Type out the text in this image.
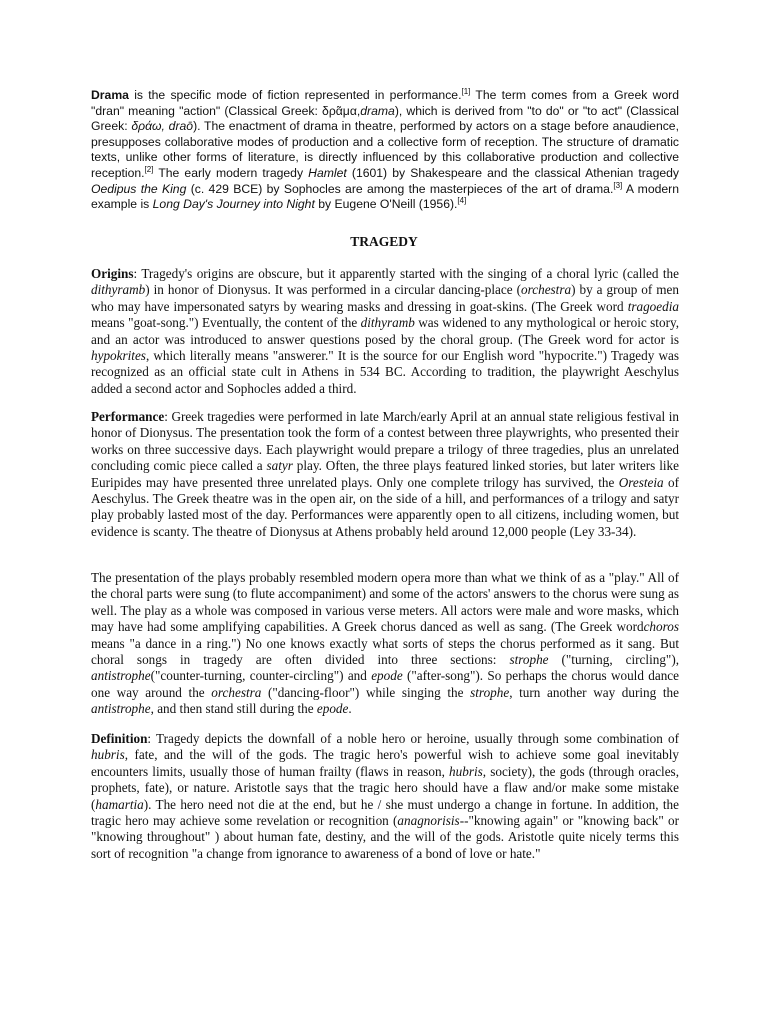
Drama is the specific mode of fiction represented in performance.[1] The term comes from a Greek word "dran" meaning "action" (Classical Greek: δρᾶμα,drama), which is derived from "to do" or "to act" (Classical Greek: δράω, draō). The enactment of drama in theatre, performed by actors on a stage before anaudience, presupposes collaborative modes of production and a collective form of reception. The structure of dramatic texts, unlike other forms of literature, is directly influenced by this collaborative production and collective reception.[2] The early modern tragedy Hamlet (1601) by Shakespeare and the classical Athenian tragedy Oedipus the King (c. 429 BCE) by Sophocles are among the masterpieces of the art of drama.[3] A modern example is Long Day's Journey into Night by Eugene O'Neill (1956).[4]

TRAGEDY

Origins: Tragedy's origins are obscure, but it apparently started with the singing of a choral lyric (called the dithyramb) in honor of Dionysus. It was performed in a circular dancing-place (orchestra) by a group of men who may have impersonated satyrs by wearing masks and dressing in goat-skins. (The Greek word tragoedia means "goat-song.") Eventually, the content of the dithyramb was widened to any mythological or heroic story, and an actor was introduced to answer questions posed by the choral group. (The Greek word for actor is hypokrites, which literally means "answerer." It is the source for our English word "hypocrite.") Tragedy was recognized as an official state cult in Athens in 534 BC. According to tradition, the playwright Aeschylus added a second actor and Sophocles added a third.

Performance: Greek tragedies were performed in late March/early April at an annual state religious festival in honor of Dionysus. The presentation took the form of a contest between three playwrights, who presented their works on three successive days. Each playwright would prepare a trilogy of three tragedies, plus an unrelated concluding comic piece called a satyr play. Often, the three plays featured linked stories, but later writers like Euripides may have presented three unrelated plays. Only one complete trilogy has survived, the Oresteia of Aeschylus. The Greek theatre was in the open air, on the side of a hill, and performances of a trilogy and satyr play probably lasted most of the day. Performances were apparently open to all citizens, including women, but evidence is scanty. The theatre of Dionysus at Athens probably held around 12,000 people (Ley 33-34).

The presentation of the plays probably resembled modern opera more than what we think of as a "play." All of the choral parts were sung (to flute accompaniment) and some of the actors' answers to the chorus were sung as well. The play as a whole was composed in various verse meters. All actors were male and wore masks, which may have had some amplifying capabilities. A Greek chorus danced as well as sang. (The Greek wordchoros means "a dance in a ring.") No one knows exactly what sorts of steps the chorus performed as it sang. But choral songs in tragedy are often divided into three sections: strophe ("turning, circling"), antistrophe("counter-turning, counter-circling") and epode ("after-song"). So perhaps the chorus would dance one way around the orchestra ("dancing-floor") while singing the strophe, turn another way during the antistrophe, and then stand still during the epode.

Definition: Tragedy depicts the downfall of a noble hero or heroine, usually through some combination of hubris, fate, and the will of the gods. The tragic hero's powerful wish to achieve some goal inevitably encounters limits, usually those of human frailty (flaws in reason, hubris, society), the gods (through oracles, prophets, fate), or nature. Aristotle says that the tragic hero should have a flaw and/or make some mistake (hamartia). The hero need not die at the end, but he / she must undergo a change in fortune. In addition, the tragic hero may achieve some revelation or recognition (anagnorisis--"knowing again" or "knowing back" or "knowing throughout" ) about human fate, destiny, and the will of the gods. Aristotle quite nicely terms this sort of recognition "a change from ignorance to awareness of a bond of love or hate."
